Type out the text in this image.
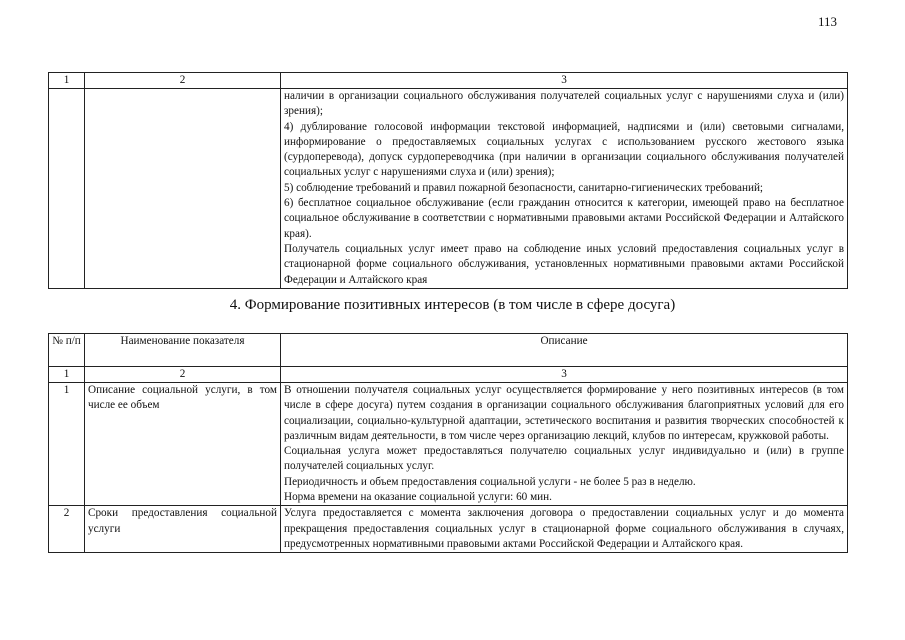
113
1	2	3

		наличии в организации социального обслуживания получателей социальных услуг с нарушениями слуха и (или) зрения);
4) дублирование голосовой информации текстовой информацией, надписями и (или) световыми сигналами, информирование о предоставляемых социальных услугах с использованием русского жестового языка (сурдоперевода), допуск сурдопереводчика (при наличии в организации социального обслуживания получателей социальных услуг с нарушениями слуха и (или) зрения);
5) соблюдение требований и правил пожарной безопасности, санитарно-гигиенических требований;
6) бесплатное социальное обслуживание (если гражданин относится к категории, имеющей право на бесплатное социальное обслуживание в соответствии с нормативными правовыми актами Российской Федерации и Алтайского края).
Получатель социальных услуг имеет право на соблюдение иных условий предоставления социальных услуг в стационарной форме социального обслуживания, установленных нормативными правовыми актами Российской Федерации и Алтайского края
4. Формирование позитивных интересов (в том числе в сфере досуга)
№ п/п	Наименование показателя	Описание
1	2	3
1	Описание социальной услуги, в том числе ее объем	В отношении получателя социальных услуг осуществляется формирование у него позитивных интересов (в том числе в сфере досуга) путем создания в организации социального обслуживания благоприятных условий для его социализации, социально-культурной адаптации, эстетического воспитания и развития творческих способностей к различным видам деятельности, в том числе через организацию лекций, клубов по интересам, кружковой работы.
Социальная услуга может предоставляться получателю социальных услуг индивидуально и (или) в группе получателей социальных услуг.
Периодичность и объем предоставления социальной услуги - не более 5 раз в неделю.
Норма времени на оказание социальной услуги: 60 мин.

2	Сроки предоставления социальной услуги	Услуга предоставляется с момента заключения договора о предоставлении социальных услуг и до момента прекращения предоставления социальных услуг в стационарной форме социального обслуживания в случаях, предусмотренных нормативными правовыми актами Российской Федерации и Алтайского края.
